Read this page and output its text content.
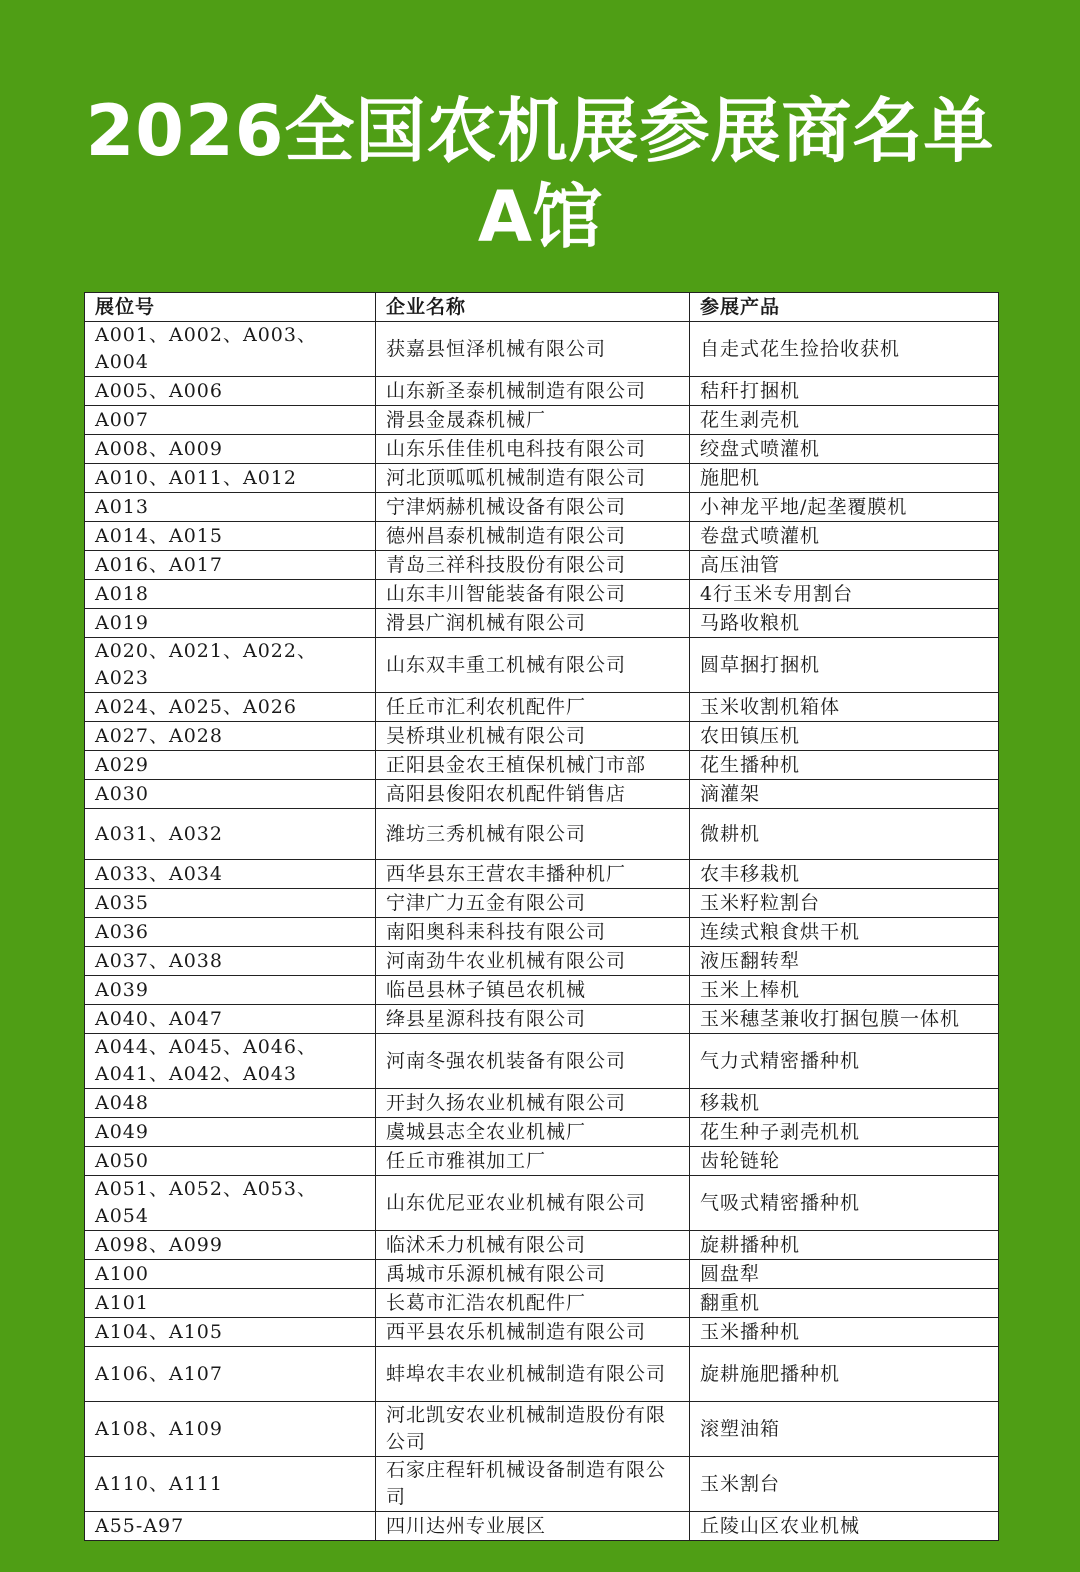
2026全国农机展参展商名单
A馆
展位号	企业名称	参展产品
A001、A002、A003、A004	获嘉县恒泽机械有限公司	自走式花生捡拾收获机
A005、A006	山东新圣泰机械制造有限公司	秸秆打捆机
A007	滑县金晟森机械厂	花生剥壳机
A008、A009	山东乐佳佳机电科技有限公司	绞盘式喷灌机
A010、A011、A012	河北顶呱呱机械制造有限公司	施肥机
A013	宁津炳赫机械设备有限公司	小神龙平地/起垄覆膜机
A014、A015	德州昌泰机械制造有限公司	卷盘式喷灌机
A016、A017	青岛三祥科技股份有限公司	高压油管
A018	山东丰川智能装备有限公司	4行玉米专用割台
A019	滑县广润机械有限公司	马路收粮机
A020、A021、A022、A023	山东双丰重工机械有限公司	圆草捆打捆机
A024、A025、A026	任丘市汇利农机配件厂	玉米收割机箱体
A027、A028	吴桥琪业机械有限公司	农田镇压机
A029	正阳县金农王植保机械门市部	花生播种机
A030	高阳县俊阳农机配件销售店	滴灌架
A031、A032	潍坊三秀机械有限公司	微耕机
A033、A034	西华县东王营农丰播种机厂	农丰移栽机
A035	宁津广力五金有限公司	玉米籽粒割台
A036	南阳奥科耒科技有限公司	连续式粮食烘干机
A037、A038	河南劲牛农业机械有限公司	液压翻转犁
A039	临邑县林子镇邑农机械	玉米上棒机
A040、A047	绛县星源科技有限公司	玉米穗茎兼收打捆包膜一体机
A044、A045、A046、A041、A042、A043	河南冬强农机装备有限公司	气力式精密播种机
A048	开封久扬农业机械有限公司	移栽机
A049	虞城县志全农业机械厂	花生种子剥壳机机
A050	任丘市雅祺加工厂	齿轮链轮
A051、A052、A053、A054	山东优尼亚农业机械有限公司	气吸式精密播种机
A098、A099	临沭禾力机械有限公司	旋耕播种机
A100	禹城市乐源机械有限公司	圆盘犁
A101	长葛市汇浩农机配件厂	翻重机
A104、A105	西平县农乐机械制造有限公司	玉米播种机
A106、A107	蚌埠农丰农业机械制造有限公司	旋耕施肥播种机
A108、A109	河北凯安农业机械制造股份有限公司	滚塑油箱
A110、A111	石家庄程轩机械设备制造有限公司	玉米割台
A55-A97	四川达州专业展区	丘陵山区农业机械
